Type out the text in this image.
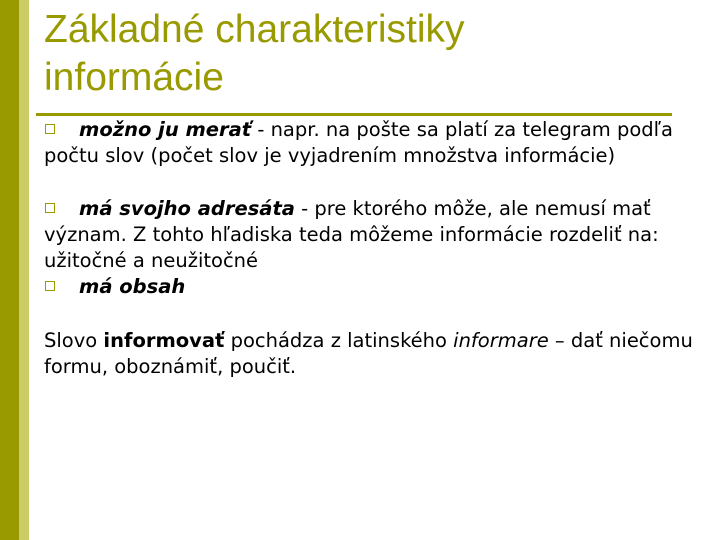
Základné charakteristiky
informácie

možno ju merať - napr. na pošte sa platí za telegram podľa počtu slov (počet slov je vyjadrením množstva informácie)

má svojho adresáta - pre ktorého môže, ale nemusí mať význam. Z tohto hľadiska teda môžeme informácie rozdeliť na: užitočné a neužitočné

má obsah

Slovo informovať pochádza z latinského informare – dať niečomu formu, oboznámiť, poučiť.
